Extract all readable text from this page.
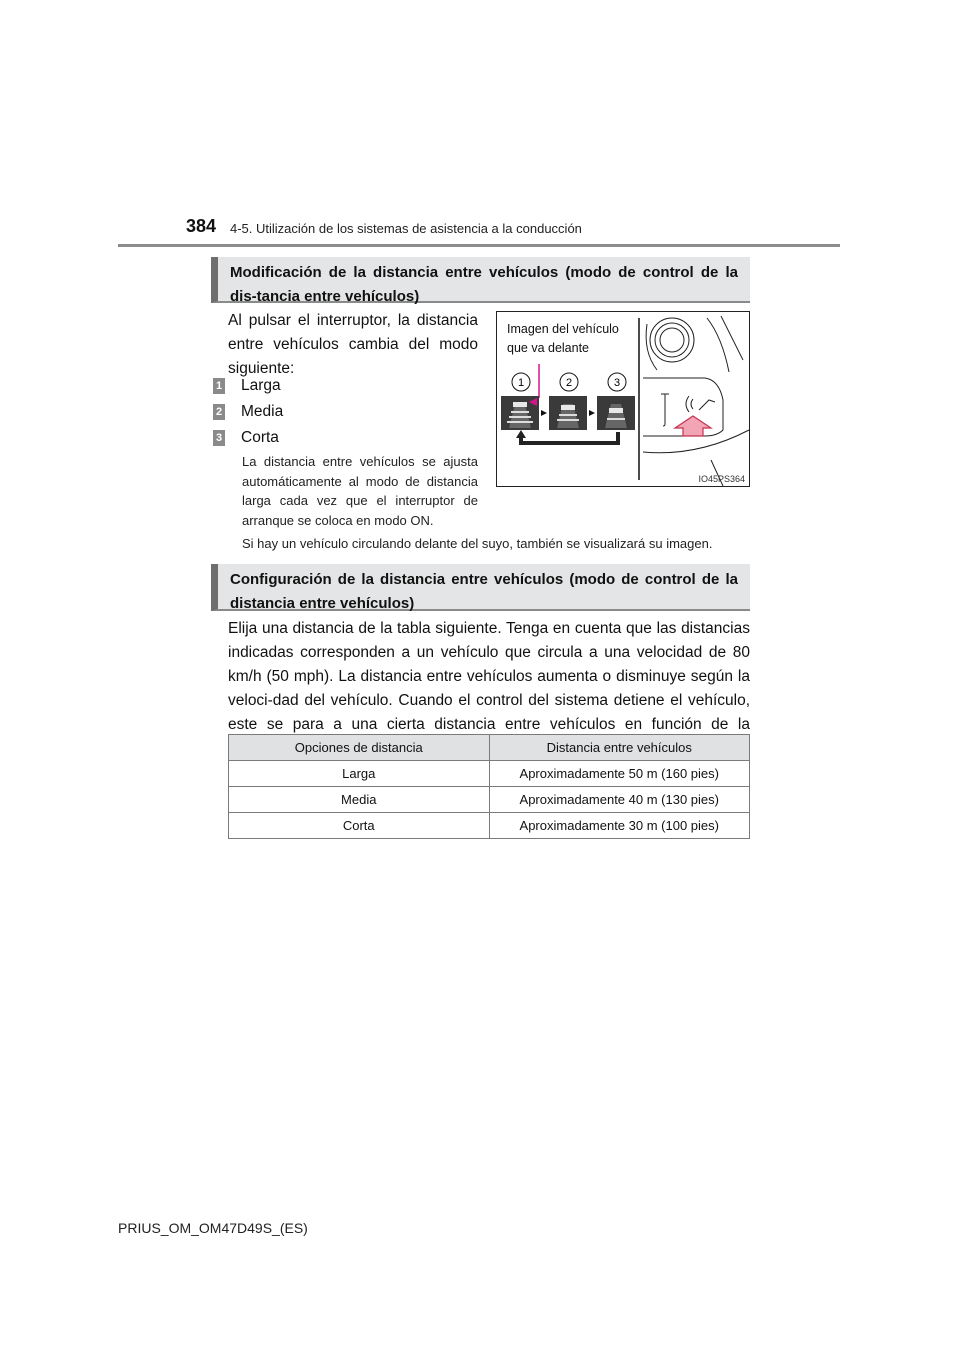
384 4-5. Utilización de los sistemas de asistencia a la conducción
Modificación de la distancia entre vehículos (modo de control de la dis-tancia entre vehículos)
Al pulsar el interruptor, la distancia entre vehículos cambia del modo siguiente:
1 Larga
2 Media
3 Corta
La distancia entre vehículos se ajusta automáticamente al modo de distancia larga cada vez que el interruptor de arranque se coloca en modo ON.
Si hay un vehículo circulando delante del suyo, también se visualizará su imagen.
Imagen del vehículo
que va delante
1	2	3
IO45PS364
Configuración de la distancia entre vehículos (modo de control de la distancia entre vehículos)
Elija una distancia de la tabla siguiente. Tenga en cuenta que las distancias indicadas corresponden a un vehículo que circula a una velocidad de 80 km/h (50 mph). La distancia entre vehículos aumenta o disminuye según la veloci-dad del vehículo. Cuando el control del sistema detiene el vehículo, este se para a una cierta distancia entre vehículos en función de la
Opciones de distancia	Distancia entre vehículos
Larga	Aproximadamente 50 m (160 pies)
Media	Aproximadamente 40 m (130 pies)
Corta	Aproximadamente 30 m (100 pies)
PRIUS_OM_OM47D49S_(ES)
